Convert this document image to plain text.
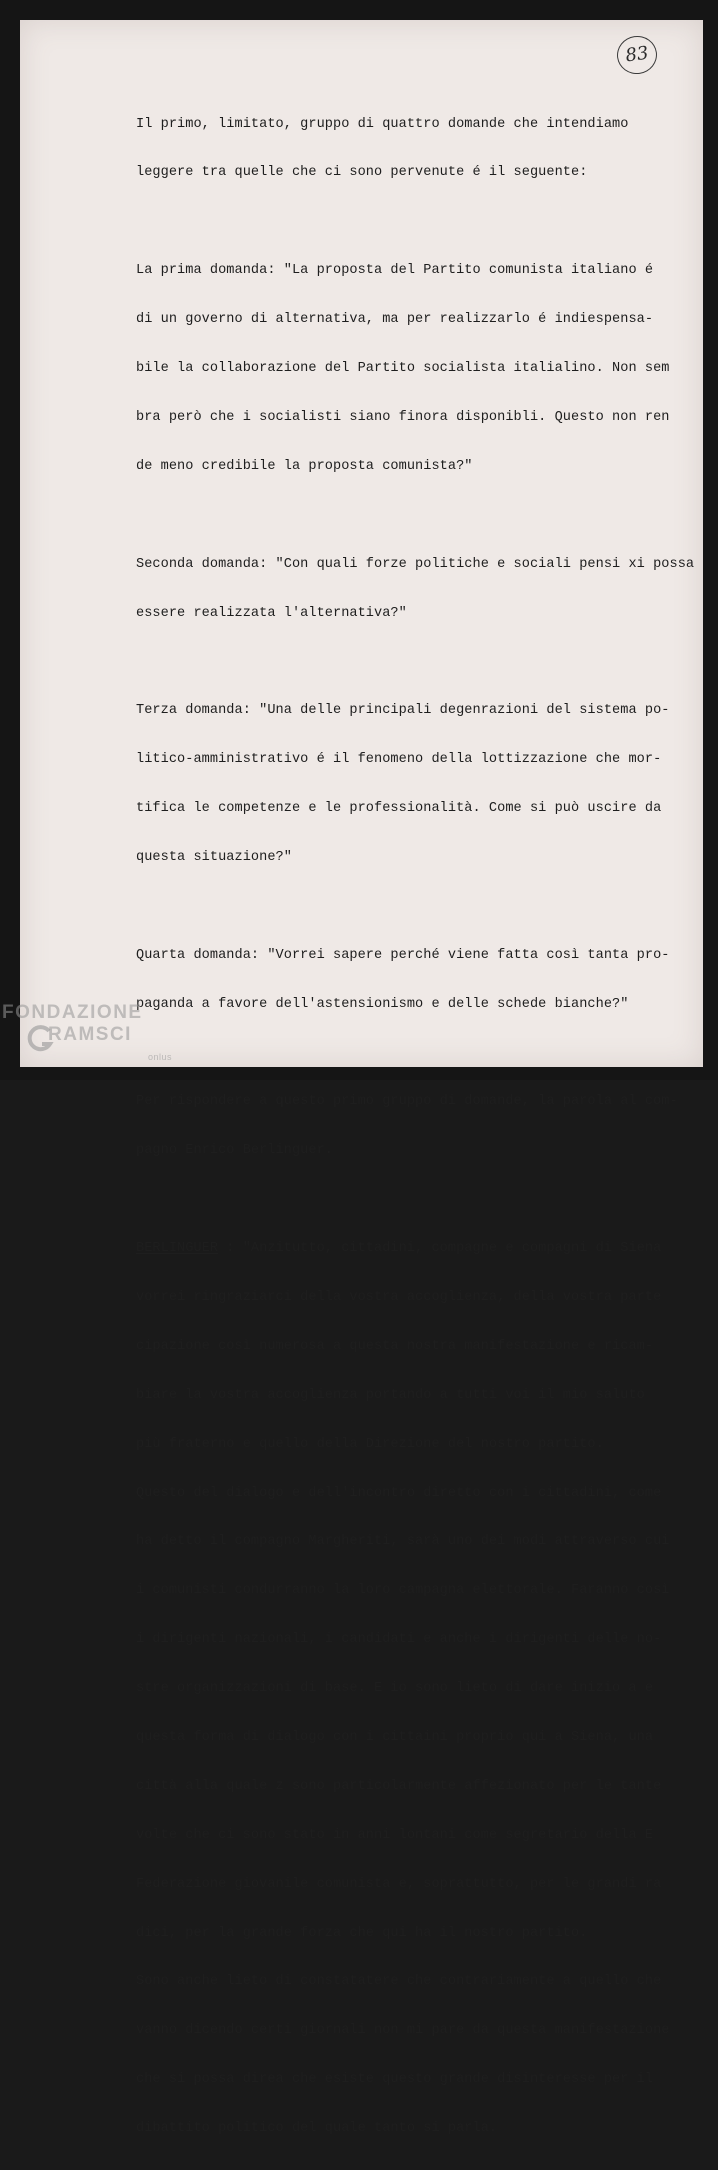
83

Il primo, limitato, gruppo di quattro domande che intendiamo

leggere tra quelle che ci sono pervenute é il seguente:

La prima domanda: "La proposta del Partito comunista italiano é

di un governo di alternativa, ma per realizzarlo é indiespensa-

bile la collaborazione del Partito socialista italialino. Non sem

bra però che i socialisti siano finora disponibli. Questo non ren

de meno credibile la proposta comunista?"

Seconda domanda: "Con quali forze politiche e sociali pensi xi possa

essere realizzata l'alternativa?"

Terza domanda: "Una delle principali degenrazioni del sistema po-

litico-amministrativo é il fenomeno della lottizzazione che mor-

tifica le competenze e le professionalità. Come si può uscire da

questa situazione?"

Quarta domanda: "Vorrei sapere perché viene fatta così tanta pro-

paganda a favore dell'astensionismo e delle schede bianche?"

Per rispondere a questo primo gruppo di domande, la parola al com-

pagno Enrico Berlinguer.

BERLINGUER : "Anzitutto, cittadini, compagne e compagni di Siena

vorrei ringraziarci della vostra accoglienza, della vostra parte

cipazione così numerosa a questa nostra manifestazione e ricam-

biare la vostra accoglienza portando a tutti voi il mio saluto

più fraterno e quello della Direzione del nostro partito.

Questo del dialogo e dell'incontro diretto con i cittadini, come

ha detto il compagno Margheriti, sarà uno dei modi attraverso cui

i comunisti condurranno la loro campagna elettorale. Faranno così

i dirigenti nazionali, i candidati e anche i dirigenti delle no-

stre organizzazioni di base. E io sono lieto di dare inizio a e

questa forma di dialogo con i cittaini proprio qui a Siena, una

città alla quale z sono particolarmente affezionato per le tante

volte che ci sono stato in anni lontani come segretario della E

Federazione giovanile comunista e, soprattutto, per le grandi ra

dici, per la grande forza che qui ha il nostro partito.

Sono anche lieto di constatatere che contrariamente a quello che

vanno dicendo certi giornali non mi pare da questa manifestazione

che si possa direa che esiste questo grande disinteresse per il

dibattito politico del quale tanto si parla.

FONDAZIONE
RAMSCI
onlus
